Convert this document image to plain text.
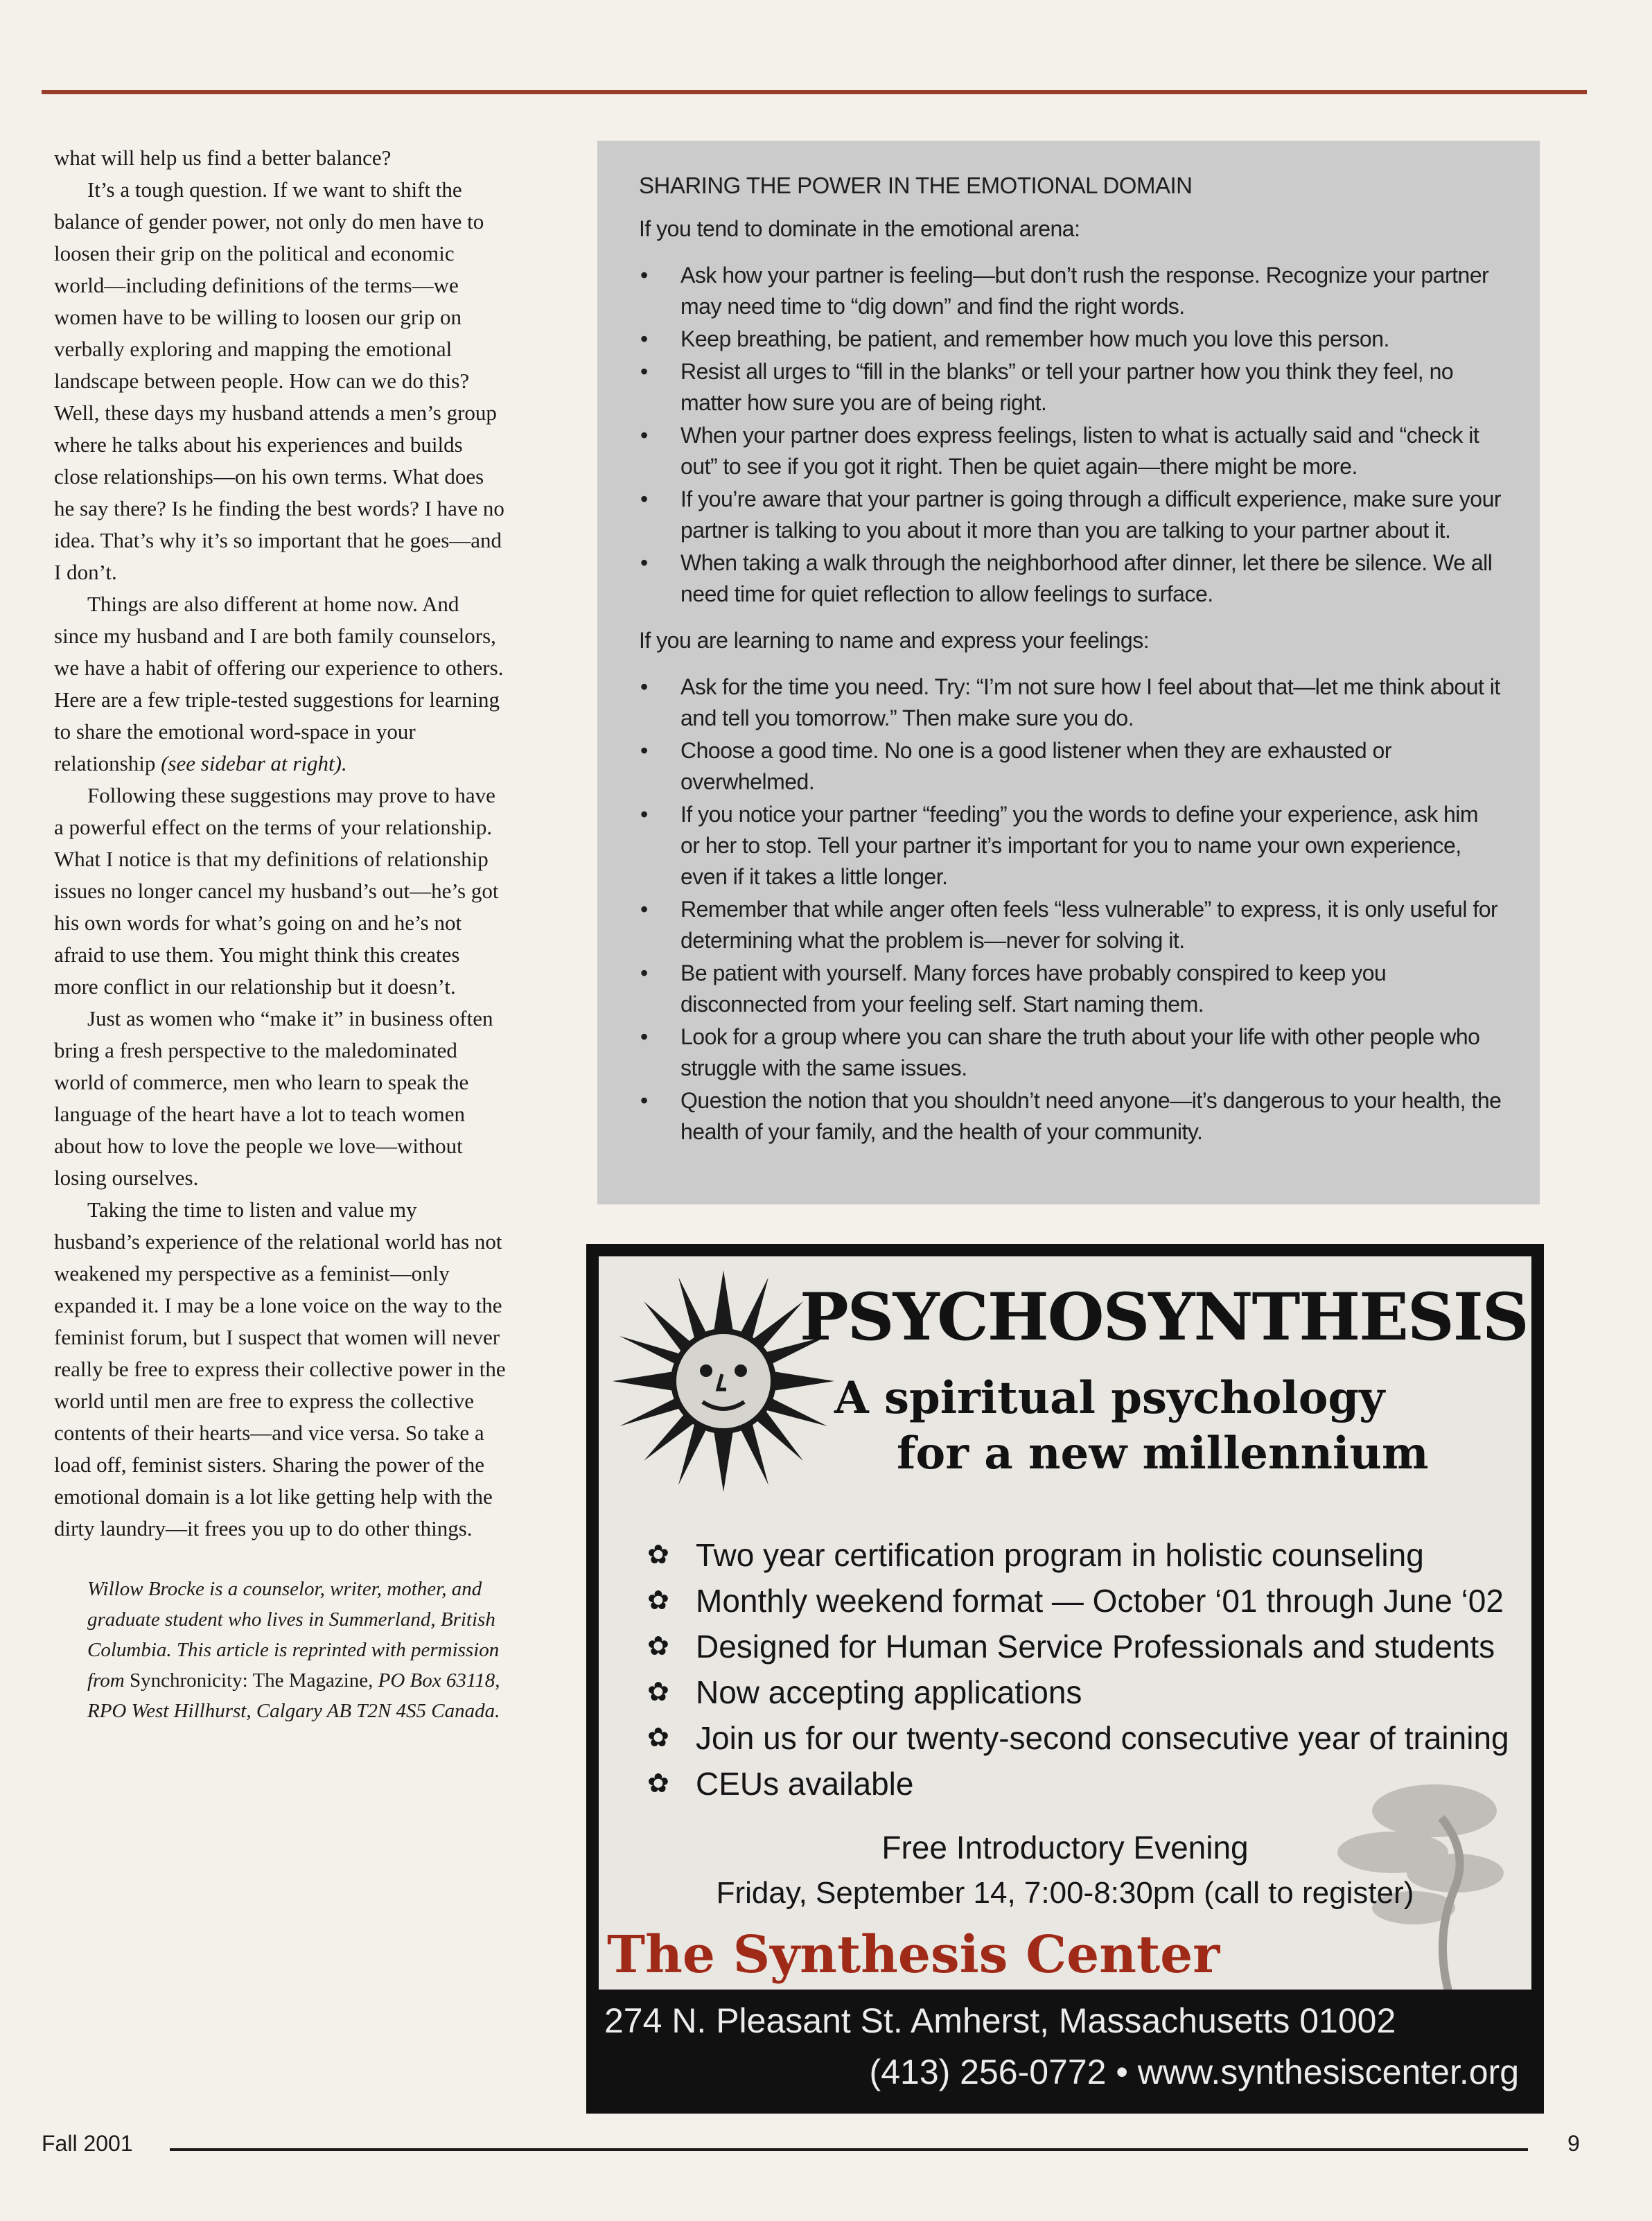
what will help us find a better balance?

It’s a tough question. If we want to shift the balance of gender power, not only do men have to loosen their grip on the political and economic world—including definitions of the terms—we women have to be willing to loosen our grip on verbally exploring and mapping the emotional landscape between people. How can we do this? Well, these days my husband attends a men’s group where he talks about his experiences and builds close relationships—on his own terms. What does he say there? Is he finding the best words? I have no idea. That’s why it’s so important that he goes—and I don’t.

Things are also different at home now. And since my husband and I are both family counselors, we have a habit of offering our experience to others. Here are a few triple-tested suggestions for learning to share the emotional word-space in your relationship (see sidebar at right).

Following these suggestions may prove to have a powerful effect on the terms of your relationship. What I notice is that my definitions of relationship issues no longer cancel my husband’s out—he’s got his own words for what’s going on and he’s not afraid to use them. You might think this creates more conflict in our relationship but it doesn’t.

Just as women who “make it” in business often bring a fresh perspective to the maledominated world of commerce, men who learn to speak the language of the heart have a lot to teach women about how to love the people we love—without losing ourselves.

Taking the time to listen and value my husband’s experience of the relational world has not weakened my perspective as a feminist—only expanded it. I may be a lone voice on the way to the feminist forum, but I suspect that women will never really be free to express their collective power in the world until men are free to express the collective contents of their hearts—and vice versa. So take a load off, feminist sisters. Sharing the power of the emotional domain is a lot like getting help with the dirty laundry—it frees you up to do other things.

Willow Brocke is a counselor, writer, mother, and graduate student who lives in Summerland, British Columbia. This article is reprinted with permission from Synchronicity: The Magazine, PO Box 63118, RPO West Hillhurst, Calgary AB T2N 4S5 Canada.
SHARING THE POWER IN THE EMOTIONAL DOMAIN

If you tend to dominate in the emotional arena:

• Ask how your partner is feeling—but don’t rush the response. Recognize your partner may need time to “dig down” and find the right words.
• Keep breathing, be patient, and remember how much you love this person.
• Resist all urges to “fill in the blanks” or tell your partner how you think they feel, no matter how sure you are of being right.
• When your partner does express feelings, listen to what is actually said and “check it out” to see if you got it right. Then be quiet again—there might be more.
• If you’re aware that your partner is going through a difficult experience, make sure your partner is talking to you about it more than you are talking to your partner about it.
• When taking a walk through the neighborhood after dinner, let there be silence. We all need time for quiet reflection to allow feelings to surface.

If you are learning to name and express your feelings:

• Ask for the time you need. Try: “I’m not sure how I feel about that—let me think about it and tell you tomorrow.” Then make sure you do.
• Choose a good time. No one is a good listener when they are exhausted or overwhelmed.
• If you notice your partner “feeding” you the words to define your experience, ask him or her to stop. Tell your partner it’s important for you to name your own experience, even if it takes a little longer.
• Remember that while anger often feels “less vulnerable” to express, it is only useful for determining what the problem is—never for solving it.
• Be patient with yourself. Many forces have probably conspired to keep you disconnected from your feeling self. Start naming them.
• Look for a group where you can share the truth about your life with other people who struggle with the same issues.
• Question the notion that you shouldn’t need anyone—it’s dangerous to your health, the health of your family, and the health of your community.
PSYCHOSYNTHESIS
A spiritual psychology
for a new millennium
✿ Two year certification program in holistic counseling
✿ Monthly weekend format — October ‘01 through June ‘02
✿ Designed for Human Service Professionals and students
✿ Now accepting applications
✿ Join us for our twenty-second consecutive year of training
✿ CEUs available
Free Introductory Evening
Friday, September 14, 7:00-8:30pm (call to register)
The Synthesis Center
274 N. Pleasant St. Amherst, Massachusetts 01002
(413) 256-0772 • www.synthesiscenter.org
Fall 2001	9
